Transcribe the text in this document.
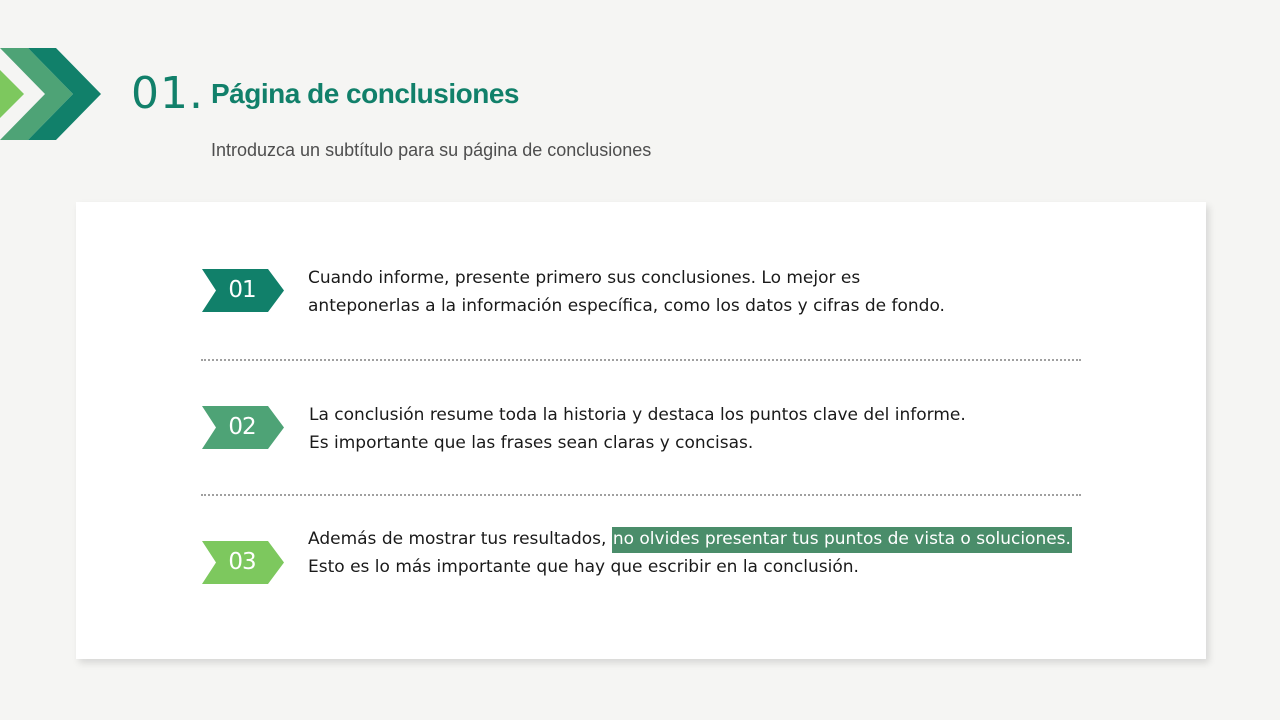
01. Página de conclusiones
Introduzca un subtítulo para su página de conclusiones
01	Cuando informe, presente primero sus conclusiones. Lo mejor es
anteponerlas a la información específica, como los datos y cifras de fondo.
02	La conclusión resume toda la historia y destaca los puntos clave del informe.
Es importante que las frases sean claras y concisas.
03
Además de mostrar tus resultados, no olvides presentar tus puntos de vista o soluciones.
Esto es lo más importante que hay que escribir en la conclusión.
